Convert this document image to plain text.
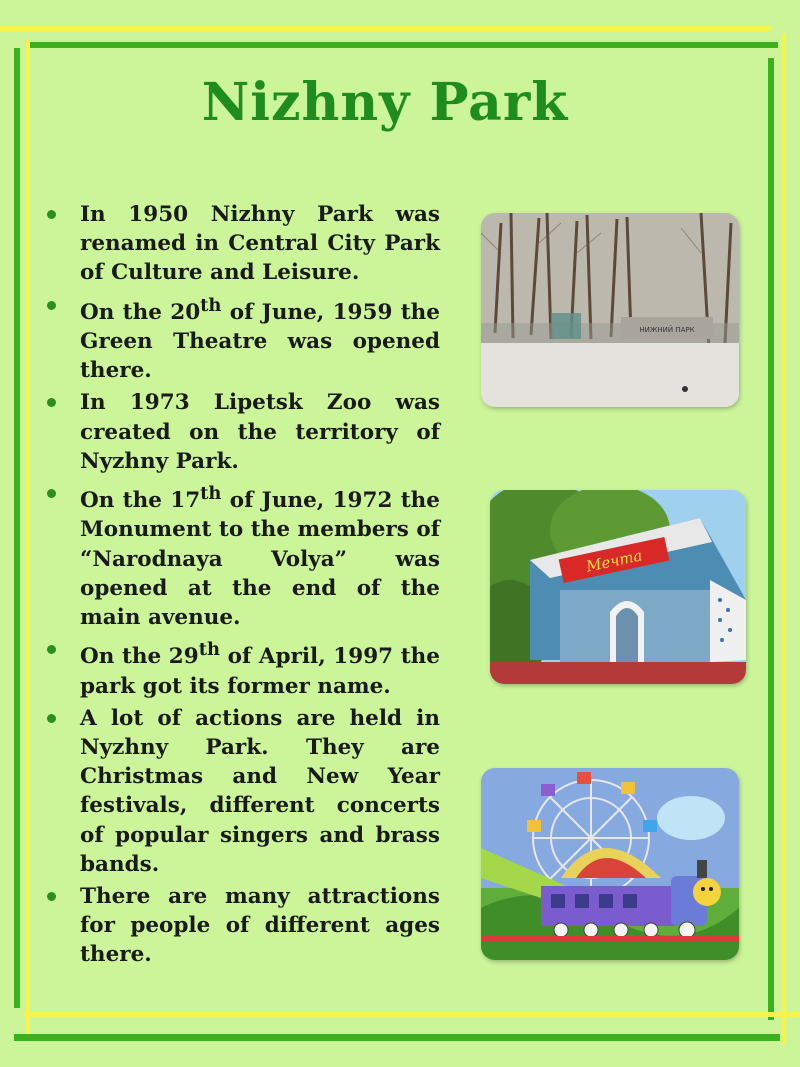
Nizhny Park
In 1950 Nizhny Park was renamed in Central City Park of Culture and Leisure.
On the 20th of June, 1959 the Green Theatre was opened there.
In 1973 Lipetsk Zoo was created on the territory of Nyzhny Park.
On the 17th of June, 1972 the Monument to the members of “Narodnaya Volya” was opened at the end of the main avenue.
On the 29th of April, 1997 the park got its former name.
A lot of actions are held in Nyzhny Park. They are Christmas and New Year festivals, different concerts of popular singers and brass bands.
There are many attractions for people of different ages there.
НИЖНИЙ ПАРК
Мечта
